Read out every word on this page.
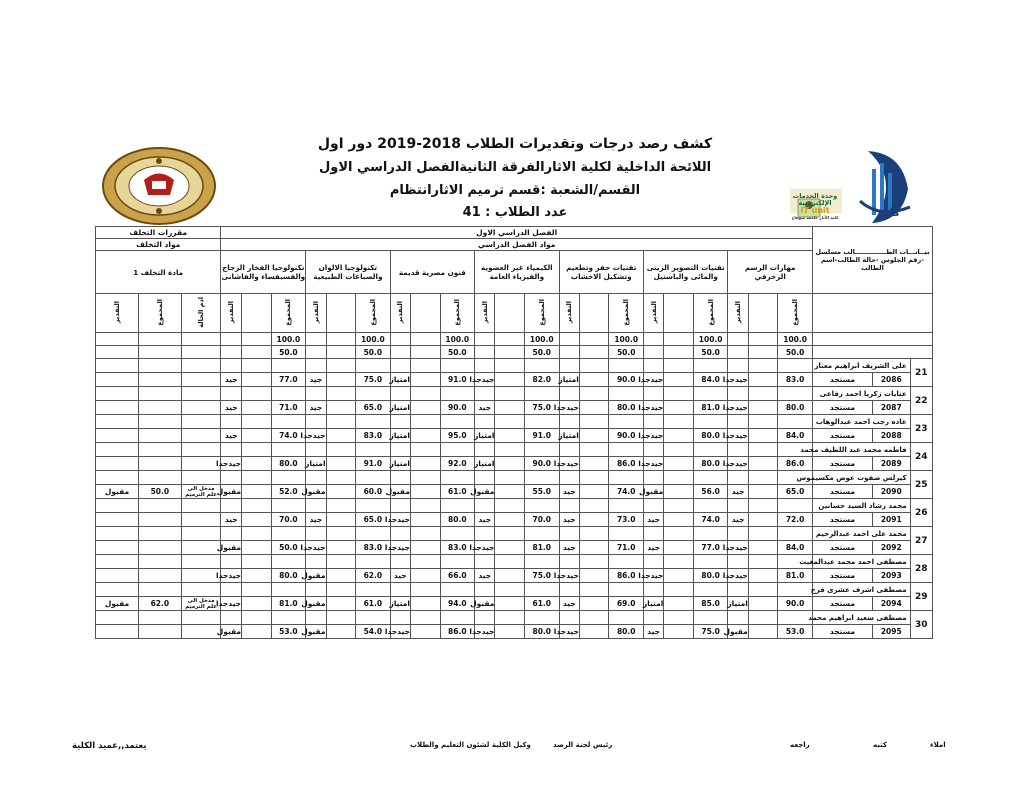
كشف رصد درجات وتقديرات الطلاب 2018-2019 دور اول
اللائحة الداخلية لكلية الاثارالفرقة الثانيةالفصل الدراسي الاول
القسم/الشعبة :قسم ترميم الاثارانتظام
عدد الطلاب : 41
وحدة الخدمات
الإلكترونية
IT unit
كلية الآثار جامعة سوهاج	كلية
بيــانـــات الطــــــــــــــالب مسلسل -رقم الجلوس -حالة الطالب-اسم الطالب			الفصل الدراسي الاول																					مقررات التخلف		
			مواد الفصل الدراسي																					مواد التخلف		
			مهارات الرسم الزخرفي			تقنيات التصوير الزيتى والمائى والباستيل			تقنيات حفر وتطعيم وتشكيل الاخشاب			الكيمياء غير العضوية والفيزياء العامة			فنون مصرية قديمة			تكنولوجيا الالوان والصباغات الطبيعية			تكنولوجيا الفخار الزجاج والفسيفساء والفاشانى			مادة التخلف 1		
			المجموع		التقدير	المجموع		التقدير	المجموع		التقدير	المجموع		التقدير	المجموع		التقدير	المجموع		التقدير	المجموع		التقدير	ادم الحالة	المجموع	التقدير
			100.0			100.0			100.0			100.0			100.0			100.0			100.0					
			50.0			50.0			50.0			50.0			50.0			50.0			50.0					
21	على الشريف ابراهيم معتاز																									
	2086	مستجد	83.0		جيدجدا	84.0		جيدجدا	90.0		امتياز	82.0		جيدجدا	91.0		امتياز	75.0		جيد	77.0		جيد			
22	عنايات زكريا احمد رفاعى																									
	2087	مستجد	80.0		جيدجدا	81.0		جيدجدا	80.0		جيدجدا	75.0		جيد	90.0		امتياز	65.0		جيد	71.0		جيد			
23	غاده رجب احمد عبدالوهاب																									
	2088	مستجد	84.0		جيدجدا	80.0		جيدجدا	90.0		امتياز	91.0		امتياز	95.0		امتياز	83.0		جيدجدا	74.0		جيد			
24	فاطمه محمد عبد اللطيف محمد																									
	2089	مستجد	86.0		جيدجدا	80.0		جيدجدا	86.0		جيدجدا	90.0		امتياز	92.0		امتياز	91.0		امتياز	80.0		جيدجدا			
25	كيرلس صفوت عوض مكسيموس																									
	2090	مستجد	65.0		جيد	56.0		مقبول	74.0		جيد	55.0		مقبول	61.0		مقبول	60.0		مقبول	52.0		مقبول	مدخل الى علم الترميم	50.0	مقبول
26	محمد رشاد السيد حسانين																									
	2091	مستجد	72.0		جيد	74.0		جيد	73.0		جيد	70.0		جيد	80.0		جيدجدا	65.0		جيد	70.0		جيد			
27	محمد على احمد عبدالرحيم																									
	2092	مستجد	84.0		جيدجدا	77.0		جيد	71.0		جيد	81.0		جيدجدا	83.0		جيدجدا	83.0		جيدجدا	50.0		مقبول			
28	مصطفى احمد محمد عبدالمغيث																									
	2093	مستجد	81.0		جيدجدا	80.0		جيدجدا	86.0		جيدجدا	75.0		جيد	66.0		جيد	62.0		مقبول	80.0		جيدجدا			
29	مصطفى اشرف عشرى فرج																									
	2094	مستجد	90.0		امتياز	85.0		امتياز	69.0		جيد	61.0		مقبول	94.0		امتياز	61.0		مقبول	81.0		جيدجدا	مدخل الى علم الترميم	62.0	مقبول
30	مصطفى سعيد ابراهيم محمد																									
	2095	مستجد	53.0		مقبول	75.0		جيد	80.0		جيدجدا	80.0		جيدجدا	86.0		جيدجدا	54.0		مقبول	53.0		مقبول			
املاء
كتبه
راجعه
رئيس لجنة الرصد
وكيل الكلية لشئون التعليم والطلاب
يعتمد,,عميد الكلية
